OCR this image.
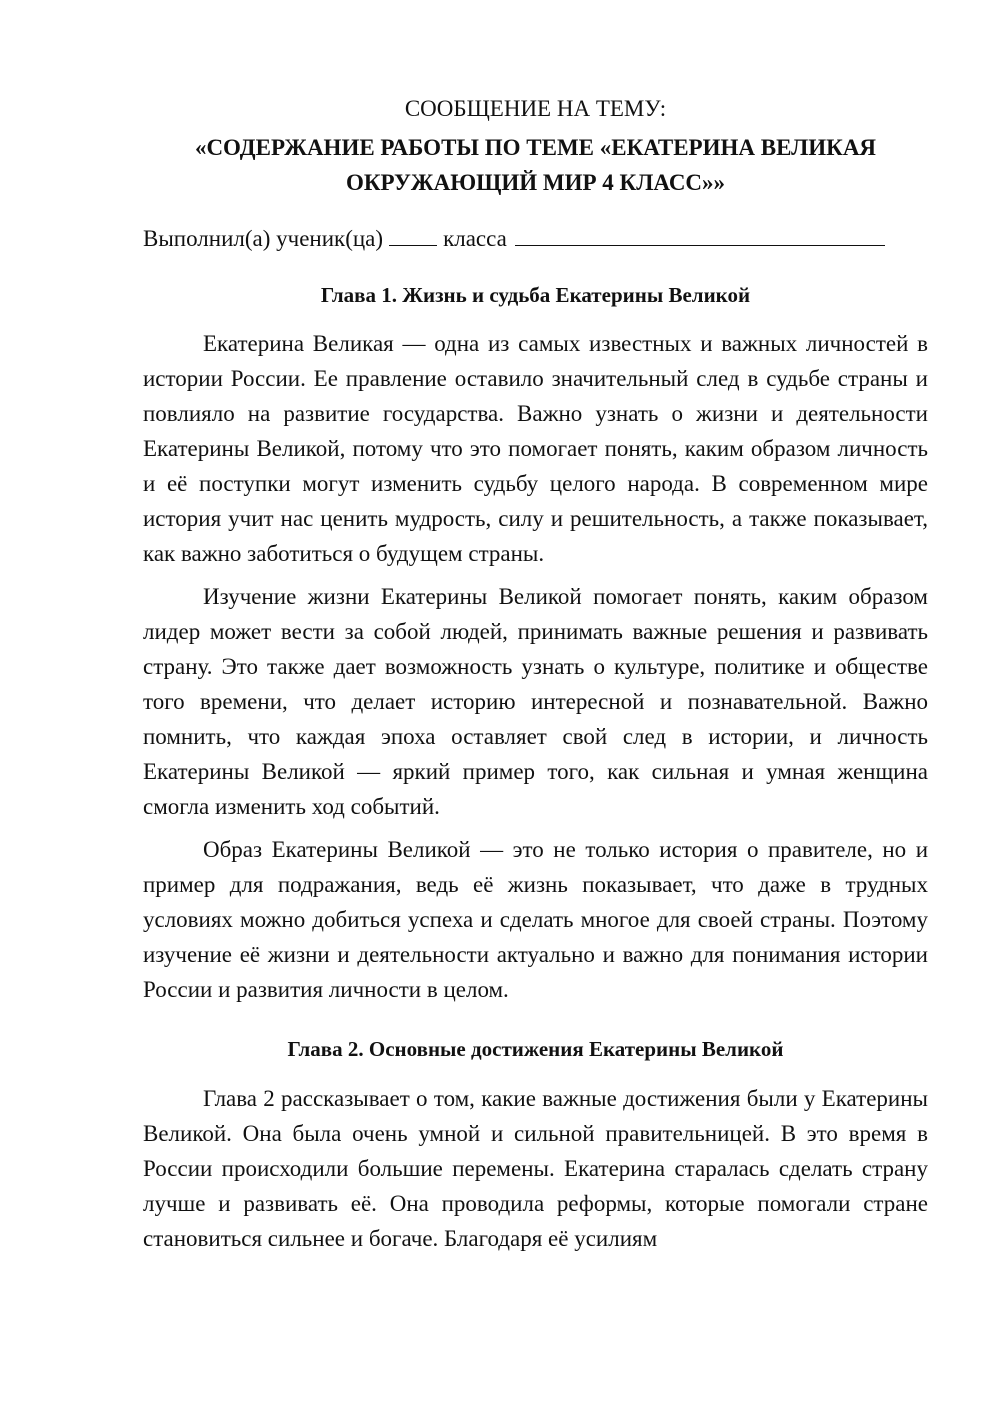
СООБЩЕНИЕ НА ТЕМУ:
«СОДЕРЖАНИЕ РАБОТЫ ПО ТЕМЕ «ЕКАТЕРИНА ВЕЛИКАЯ
ОКРУЖАЮЩИЙ МИР 4 КЛАСС»»
Выполнил(а) ученик(ца)	класса
Глава 1. Жизнь и судьба Екатерины Великой

Екатерина Великая — одна из самых известных и важных личностей в истории России. Ее правление оставило значительный след в судьбе страны и повлияло на развитие государства. Важно узнать о жизни и деятельности Екатерины Великой, потому что это помогает понять, каким образом личность и её поступки могут изменить судьбу целого народа. В современном мире история учит нас ценить мудрость, силу и решительность, а также показывает, как важно заботиться о будущем страны.

Изучение жизни Екатерины Великой помогает понять, каким образом лидер может вести за собой людей, принимать важные решения и развивать страну. Это также дает возможность узнать о культуре, политике и обществе того времени, что делает историю интересной и познавательной. Важно помнить, что каждая эпоха оставляет свой след в истории, и личность Екатерины Великой — яркий пример того, как сильная и умная женщина смогла изменить ход событий.

Образ Екатерины Великой — это не только история о правителе, но и пример для подражания, ведь её жизнь показывает, что даже в трудных условиях можно добиться успеха и сделать многое для своей страны. Поэтому изучение её жизни и деятельности актуально и важно для понимания истории России и развития личности в целом.

Глава 2. Основные достижения Екатерины Великой

Глава 2 рассказывает о том, какие важные достижения были у Екатерины Великой. Она была очень умной и сильной правительницей. В это время в России происходили большие перемены. Екатерина старалась сделать страну лучше и развивать её. Она проводила реформы, которые помогали стране становиться сильнее и богаче. Благодаря её усилиям
